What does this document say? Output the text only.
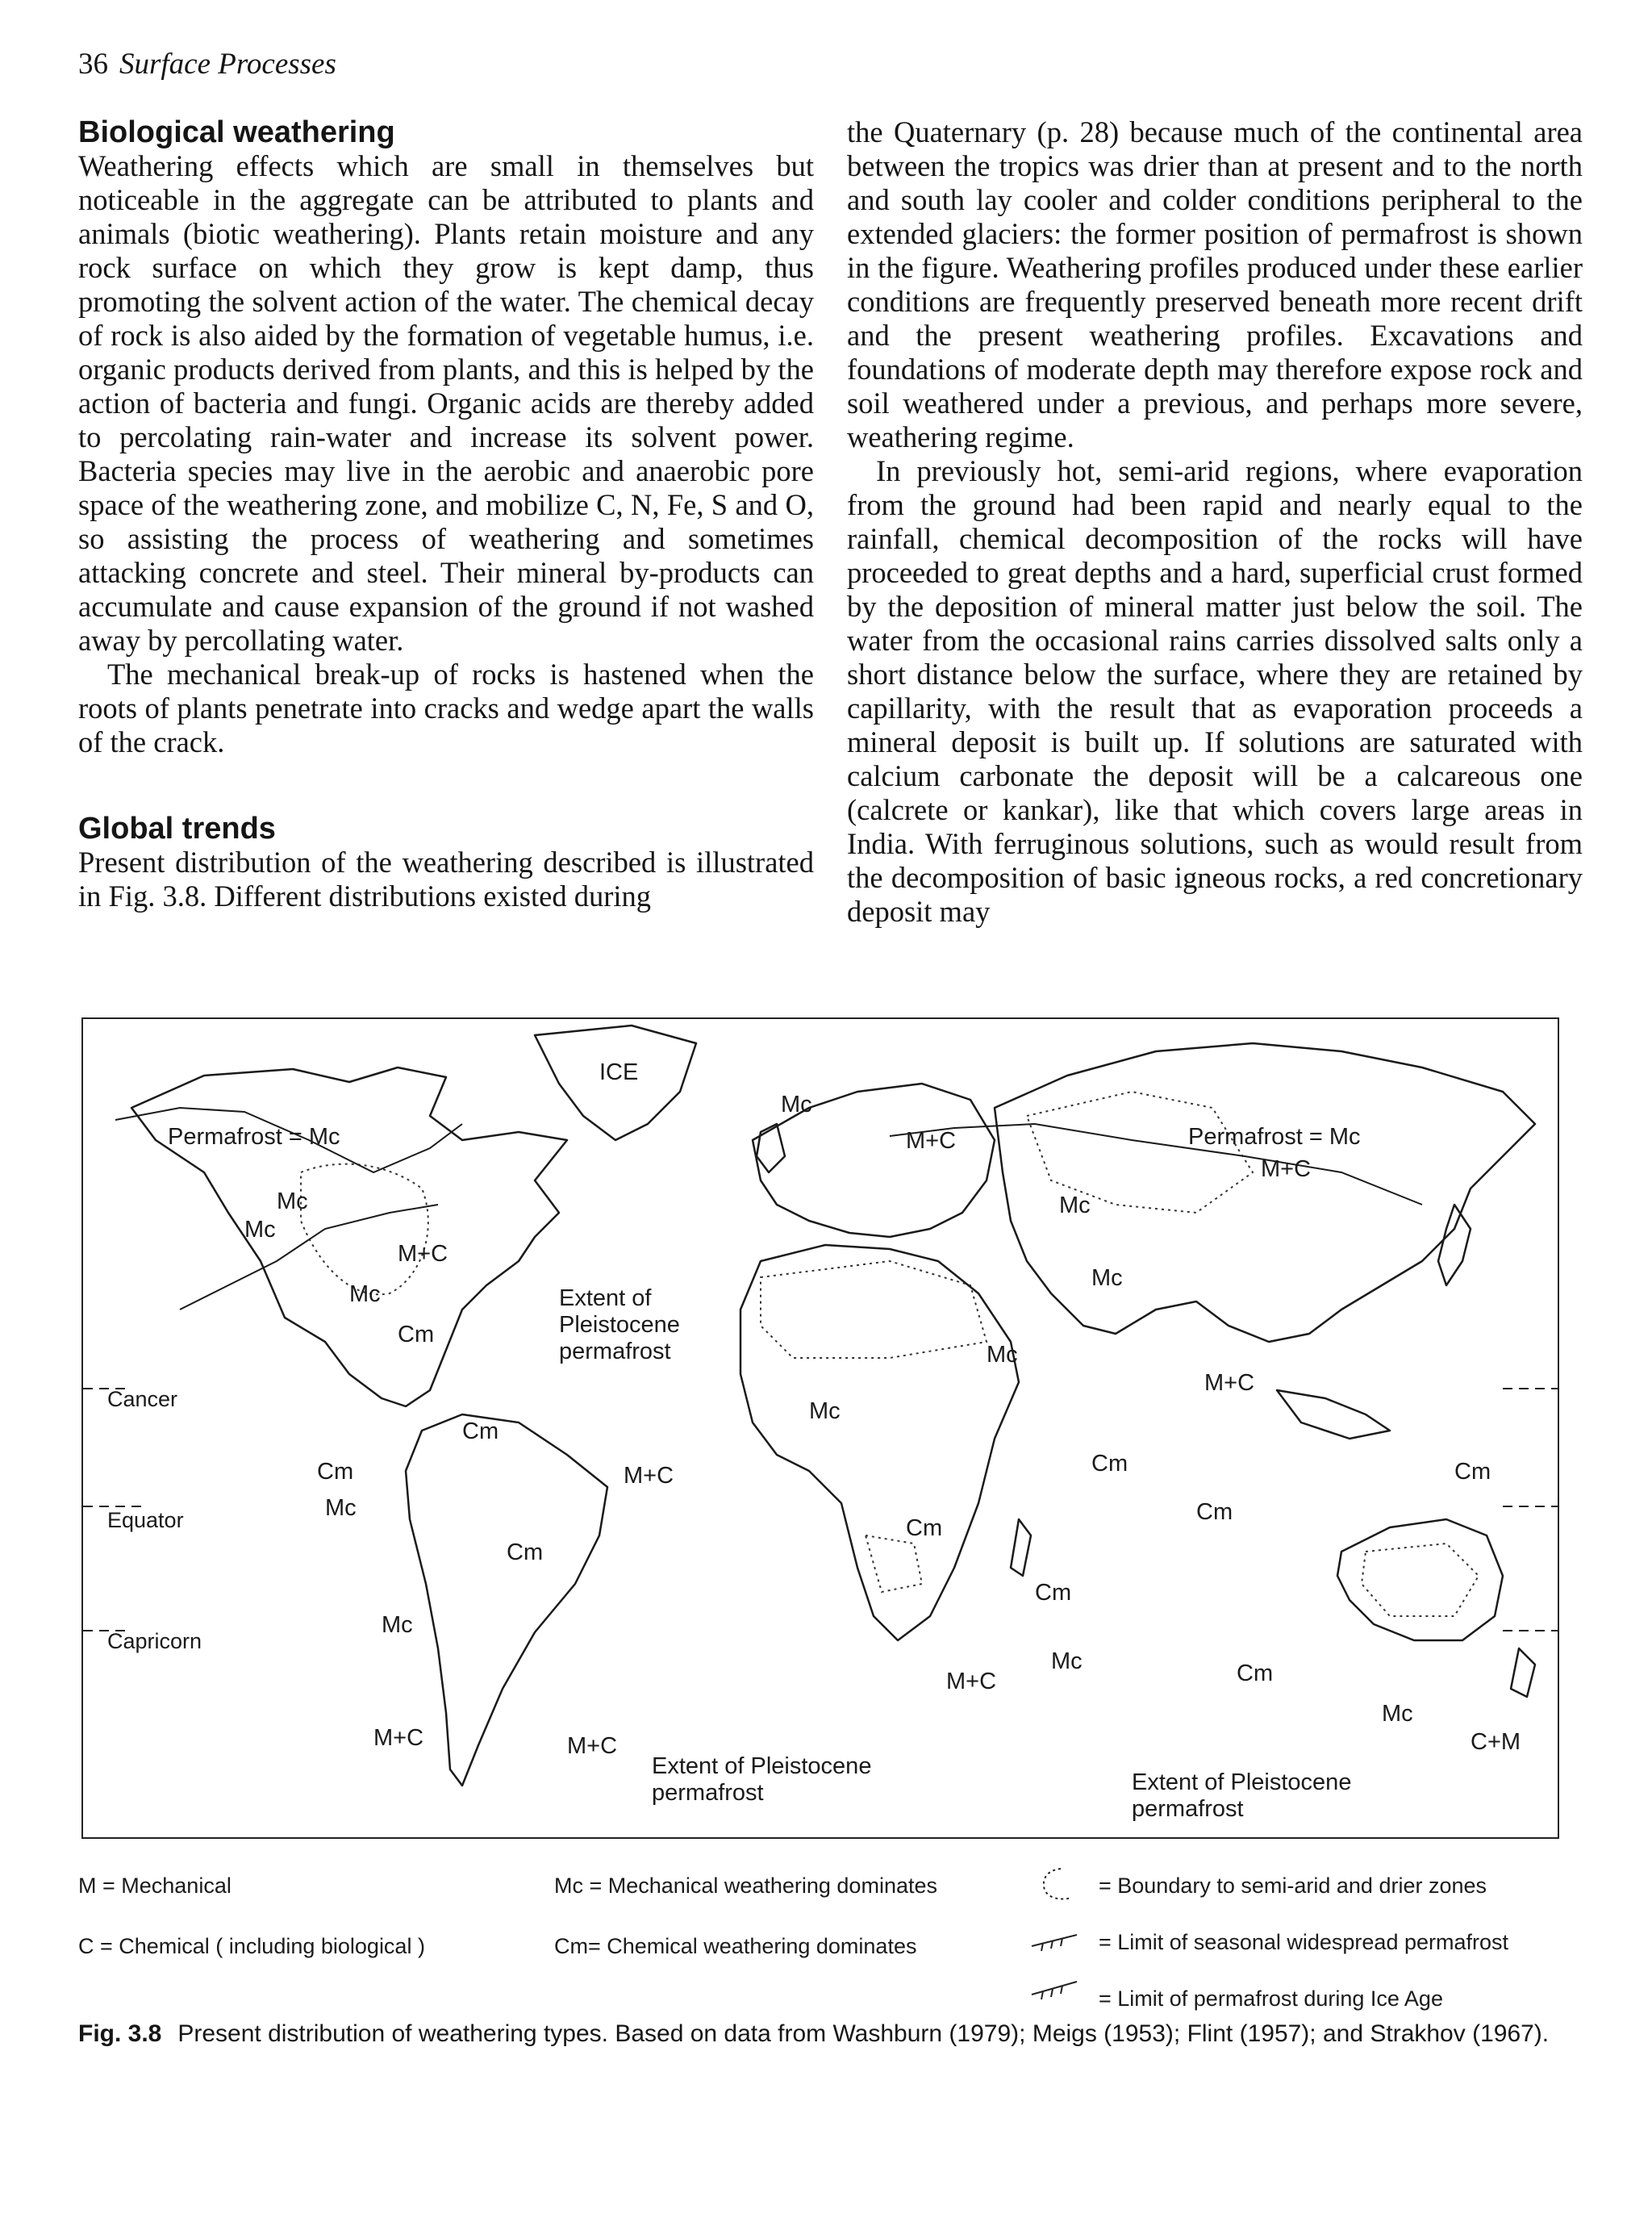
36 Surface Processes
Biological weathering

Weathering effects which are small in themselves but noticeable in the aggregate can be attributed to plants and animals (biotic weathering). Plants retain moisture and any rock surface on which they grow is kept damp, thus promoting the solvent action of the water. The chemical decay of rock is also aided by the formation of vegetable humus, i.e. organic products derived from plants, and this is helped by the action of bacteria and fungi. Organic acids are thereby added to percolating rain-water and increase its solvent power. Bacteria species may live in the aerobic and anaerobic pore space of the weathering zone, and mobilize C, N, Fe, S and O, so assisting the process of weathering and sometimes attacking concrete and steel. Their mineral by-products can accumulate and cause expansion of the ground if not washed away by percollating water.

The mechanical break-up of rocks is hastened when the roots of plants penetrate into cracks and wedge apart the walls of the crack.

Global trends

Present distribution of the weathering described is illustrated in Fig. 3.8. Different distributions existed during

the Quaternary (p. 28) because much of the continental area between the tropics was drier than at present and to the north and south lay cooler and colder conditions peripheral to the extended glaciers: the former position of permafrost is shown in the figure. Weathering profiles produced under these earlier conditions are frequently preserved beneath more recent drift and the present weathering profiles. Excavations and foundations of moderate depth may therefore expose rock and soil weathered under a previous, and perhaps more severe, weathering regime.

In previously hot, semi-arid regions, where evaporation from the ground had been rapid and nearly equal to the rainfall, chemical decomposition of the rocks will have proceeded to great depths and a hard, superficial crust formed by the deposition of mineral matter just below the soil. The water from the occasional rains carries dissolved salts only a short distance below the surface, where they are retained by capillarity, with the result that as evaporation proceeds a mineral deposit is built up. If solutions are saturated with calcium carbonate the deposit will be a calcareous one (calcrete or kankar), like that which covers large areas in India. With ferruginous solutions, such as would result from the decomposition of basic igneous rocks, a red concretionary deposit may

ICE
Permafrost = Mc	Permafrost = Mc
Mc
Mc
Mc
Mc
Mc
Mc
Mc
Mc
Mc
Mc
Mc
Mc
Cm
Cm
Cm
Cm
Cm
Cm
Cm
Cm
Cm
Cm
M+C
M+C
M+C
M+C
M+C
M+C
M+C	M+C	C+M
Extent of
Pleistocene
permafrost
Extent of Pleistocene
permafrost	Extent of Pleistocene
permafrost
Cancer
Equator
Capricorn
M = Mechanical
C = Chemical ( including biological )
Mc = Mechanical weathering dominates
Cm= Chemical weathering dominates
= Boundary to semi-arid and drier zones
= Limit of seasonal widespread permafrost
= Limit of permafrost during Ice Age
Fig. 3.8 Present distribution of weathering types. Based on data from Washburn (1979); Meigs (1953); Flint (1957); and Strakhov (1967).
